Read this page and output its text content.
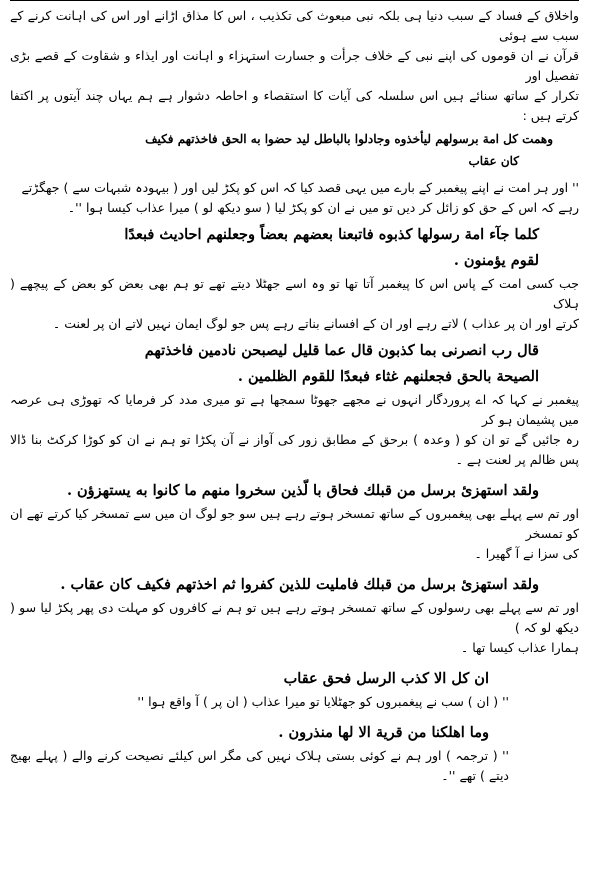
واخلاق کے فساد کے سبب دنیا ہی بلکہ نبی مبعوث کی تکذیب ، اس کا مذاق اڑانے اور اس کی اہانت کرنے کے سبب سے ہوئی

قرآن نے ان قوموں کی اپنے نبی کے خلاف جرأت و جسارت استہزاء و اہانت اور ایذاء و شقاوت کے قصے بڑی تفصیل اور

تکرار کے ساتھ سنائے ہیں اس سلسلہ کی آیات کا استقصاء و احاطہ دشوار ہے ہم یہاں چند آیتوں پر اکتفا کرتے ہیں :

وھمت كل امة برسولهم ليأخذوه وجادلوا بالباطل ليد حضوا به الحق فاخذتهم فكيف

كان عقاب

'' اور ہر امت نے اپنے پیغمبر کے بارے میں یہی قصد کیا کہ اس کو پکڑ لیں اور ( بیہودہ شبہات سے ) جھگڑتے

رہے کہ اس کے حق کو زائل کر دیں تو میں نے ان کو پکڑ لیا ( سو دیکھ لو ) میرا عذاب کیسا ہوا ''۔

كلما جآء امة رسولها كذبوه فاتبعنا بعضهم بعضاً وجعلنهم احاديث فبعدًا

لقوم يؤمنون .

جب کسی امت کے پاس اس کا پیغمبر آتا تھا تو وہ اسے جھٹلا دیتے تھے تو ہم بھی بعض کو بعض کے پیچھے ( ہلاک

کرتے اور ان پر عذاب ) لاتے رہے اور ان کے افسانے بناتے رہے پس جو لوگ ایمان نہیں لاتے ان پر لعنت ۔

قال رب انصرنى بما كذبون قال عما قليل ليصبحن نادمين فاخذتهم

الصيحة بالحق فجعلنهم غثاء فبعدًا للقوم الظلمين .

پیغمبر نے کہا کہ اے پروردگار انہوں نے مجھے جھوٹا سمجھا ہے تو میری مدد کر فرمایا کہ تھوڑی ہی عرصہ میں پشیمان ہو کر

رہ جائیں گے تو ان کو ( وعدہ ) برحق کے مطابق زور کی آواز نے آن پکڑا تو ہم نے ان کو کوڑا کرکٹ بنا ڈالا پس ظالم پر لعنت ہے ۔

ولقد استهزئ برسل من قبلك فحاق با لّذين سخروا منهم ما كانوا به يستهزؤن .

اور تم سے پہلے بھی پیغمبروں کے ساتھ تمسخر ہوتے رہے ہیں سو جو لوگ ان میں سے تمسخر کیا کرتے تھے ان کو تمسخر

کی سزا نے آ گھیرا ۔

ولقد استهزئ برسل من قبلك فامليت للذين كفروا ثم اخذتهم فكيف كان عقاب .

اور تم سے پہلے بھی رسولوں کے ساتھ تمسخر ہوتے رہے ہیں تو ہم نے کافروں کو مہلت دی پھر پکڑ لیا سو ( دیکھ لو کہ )

ہمارا عذاب کیسا تھا ۔

ان كل الا كذب الرسل فحق عقاب

'' ( ان ) سب نے پیغمبروں کو جھٹلایا تو میرا عذاب ( ان پر ) آ واقع ہوا ''

وما اهلكنا من قرية الا لها منذرون .

'' ( ترجمہ ) اور ہم نے کوئی بستی ہلاک نہیں کی مگر اس کیلئے نصیحت کرنے والے ( پہلے بھیج دیتے ) تھے ''۔
